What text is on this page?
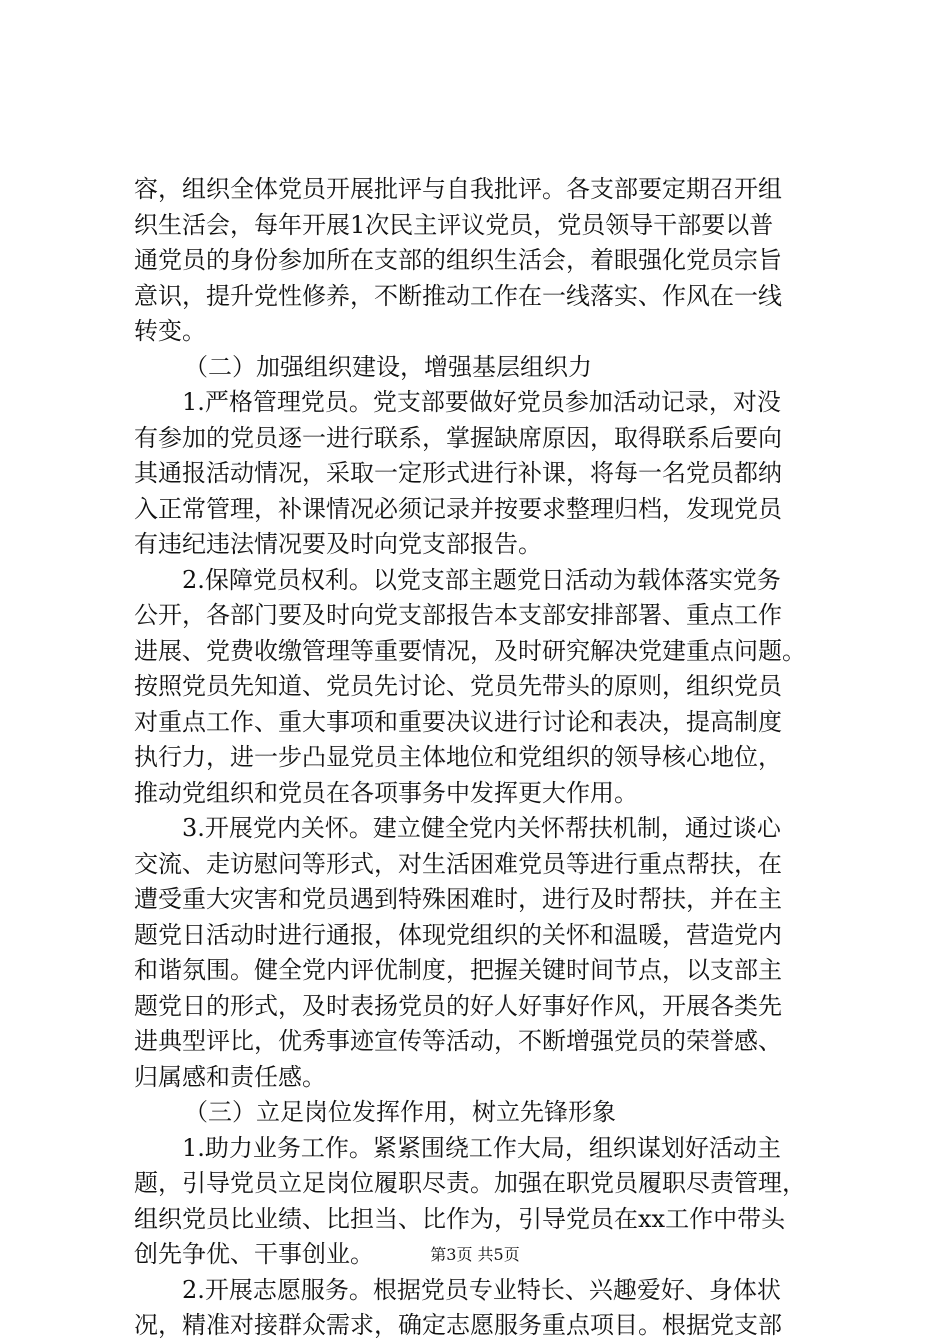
容，组织全体党员开展批评与自我批评。各支部要定期召开组
织生活会，每年开展1次民主评议党员，党员领导干部要以普
通党员的身份参加所在支部的组织生活会，着眼强化党员宗旨
意识，提升党性修养，不断推动工作在一线落实、作风在一线
转变。
（二）加强组织建设，增强基层组织力
1.严格管理党员。党支部要做好党员参加活动记录，对没
有参加的党员逐一进行联系，掌握缺席原因，取得联系后要向
其通报活动情况，采取一定形式进行补课，将每一名党员都纳
入正常管理，补课情况必须记录并按要求整理归档，发现党员
有违纪违法情况要及时向党支部报告。
2.保障党员权利。以党支部主题党日活动为载体落实党务
公开，各部门要及时向党支部报告本支部安排部署、重点工作
进展、党费收缴管理等重要情况，及时研究解决党建重点问题。
按照党员先知道、党员先讨论、党员先带头的原则，组织党员
对重点工作、重大事项和重要决议进行讨论和表决，提高制度
执行力，进一步凸显党员主体地位和党组织的领导核心地位，
推动党组织和党员在各项事务中发挥更大作用。
3.开展党内关怀。建立健全党内关怀帮扶机制，通过谈心
交流、走访慰问等形式，对生活困难党员等进行重点帮扶，在
遭受重大灾害和党员遇到特殊困难时，进行及时帮扶，并在主
题党日活动时进行通报，体现党组织的关怀和温暖，营造党内
和谐氛围。健全党内评优制度，把握关键时间节点，以支部主
题党日的形式，及时表扬党员的好人好事好作风，开展各类先
进典型评比，优秀事迹宣传等活动，不断增强党员的荣誉感、
归属感和责任感。
（三）立足岗位发挥作用，树立先锋形象
1.助力业务工作。紧紧围绕工作大局，组织谋划好活动主
题，引导党员立足岗位履职尽责。加强在职党员履职尽责管理，
组织党员比业绩、比担当、比作为，引导党员在xx工作中带头
创先争优、干事创业。
2.开展志愿服务。根据党员专业特长、兴趣爱好、身体状
况，精准对接群众需求，确定志愿服务重点项目。根据党支部
第3页 共5页
